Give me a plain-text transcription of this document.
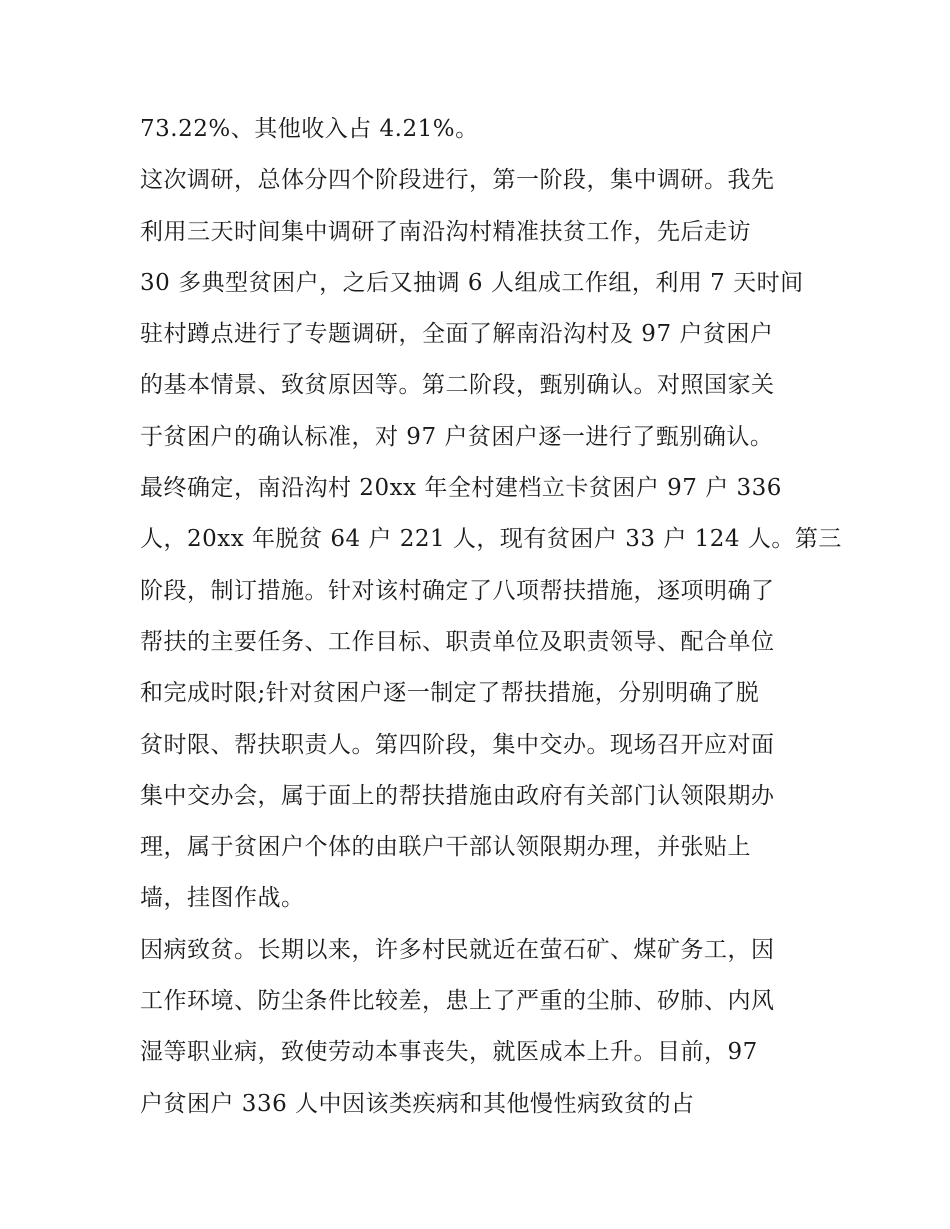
73.22%、其他收入占 4.21%。
这次调研，总体分四个阶段进行，第一阶段，集中调研。我先
利用三天时间集中调研了南沿沟村精准扶贫工作，先后走访
30 多典型贫困户，之后又抽调 6 人组成工作组，利用 7 天时间
驻村蹲点进行了专题调研，全面了解南沿沟村及 97 户贫困户
的基本情景、致贫原因等。第二阶段，甄别确认。对照国家关
于贫困户的确认标准，对 97 户贫困户逐一进行了甄别确认。
最终确定，南沿沟村 20xx 年全村建档立卡贫困户 97 户 336
人，20xx 年脱贫 64 户 221 人，现有贫困户 33 户 124 人。第三
阶段，制订措施。针对该村确定了八项帮扶措施，逐项明确了
帮扶的主要任务、工作目标、职责单位及职责领导、配合单位
和完成时限;针对贫困户逐一制定了帮扶措施，分别明确了脱
贫时限、帮扶职责人。第四阶段，集中交办。现场召开应对面
集中交办会，属于面上的帮扶措施由政府有关部门认领限期办
理，属于贫困户个体的由联户干部认领限期办理，并张贴上
墙，挂图作战。
因病致贫。长期以来，许多村民就近在萤石矿、煤矿务工，因
工作环境、防尘条件比较差，患上了严重的尘肺、矽肺、内风
湿等职业病，致使劳动本事丧失，就医成本上升。目前，97
户贫困户 336 人中因该类疾病和其他慢性病致贫的占
